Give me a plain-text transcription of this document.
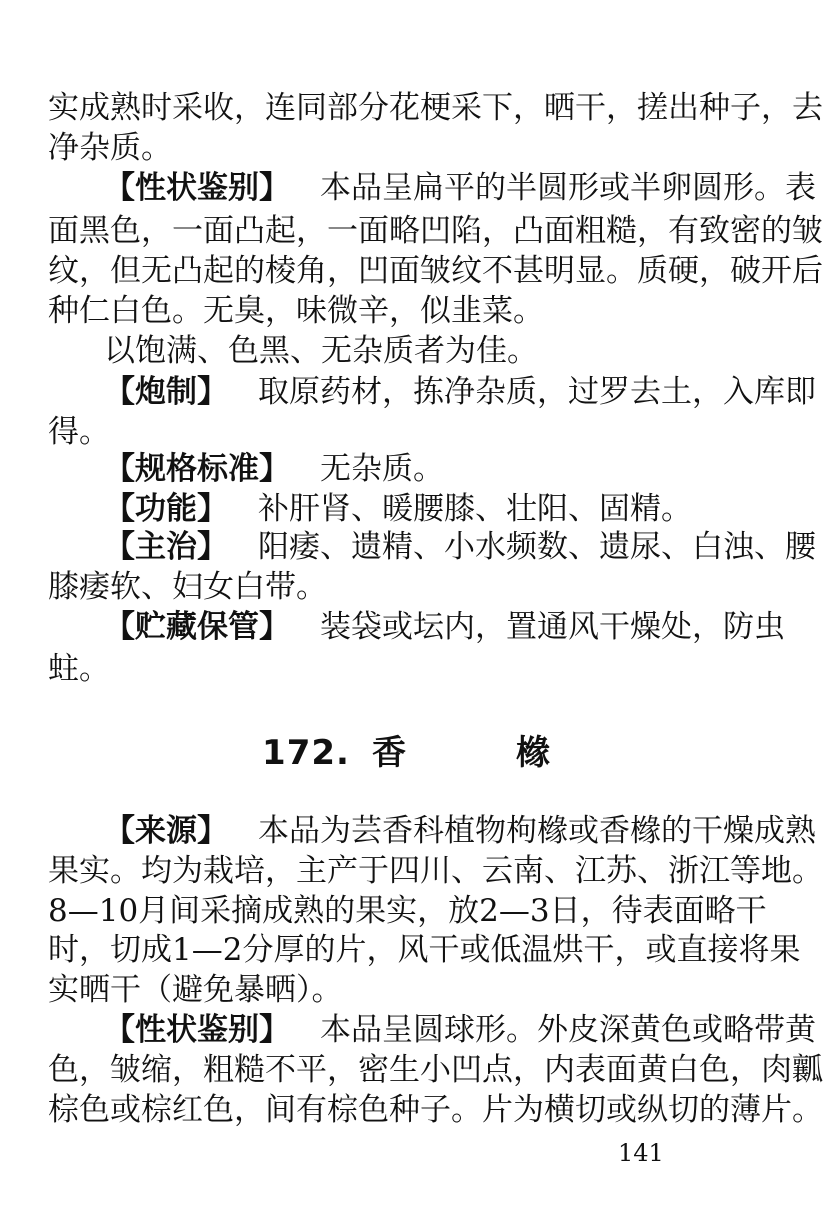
实成熟时采收，连同部分花梗采下，晒干，搓出种子，去
净杂质。
【性状鉴别】 本品呈扁平的半圆形或半卵圆形。表
面黑色，一面凸起，一面略凹陷，凸面粗糙，有致密的皱
纹，但无凸起的棱角，凹面皱纹不甚明显。质硬，破开后
种仁白色。无臭，味微辛，似韭菜。
以饱满、色黑、无杂质者为佳。
【炮制】 取原药材，拣净杂质，过罗去土，入库即
得。
【规格标准】 无杂质。
【功能】 补肝肾、暖腰膝、壮阳、固精。
【主治】 阳痿、遗精、小水频数、遗尿、白浊、腰
膝痿软、妇女白带。
【贮藏保管】 装袋或坛内，置通风干燥处，防虫
蛀。
172. 香	橼
【来源】 本品为芸香科植物枸橼或香橼的干燥成熟
果实。均为栽培，主产于四川、云南、江苏、浙江等地。
8—10月间采摘成熟的果实，放2—3日，待表面略干
时，切成1—2分厚的片，风干或低温烘干，或直接将果
实晒干（避免暴晒）。
【性状鉴别】 本品呈圆球形。外皮深黄色或略带黄
色，皱缩，粗糙不平，密生小凹点，内表面黄白色，肉瓤
棕色或棕红色，间有棕色种子。片为横切或纵切的薄片。
141
